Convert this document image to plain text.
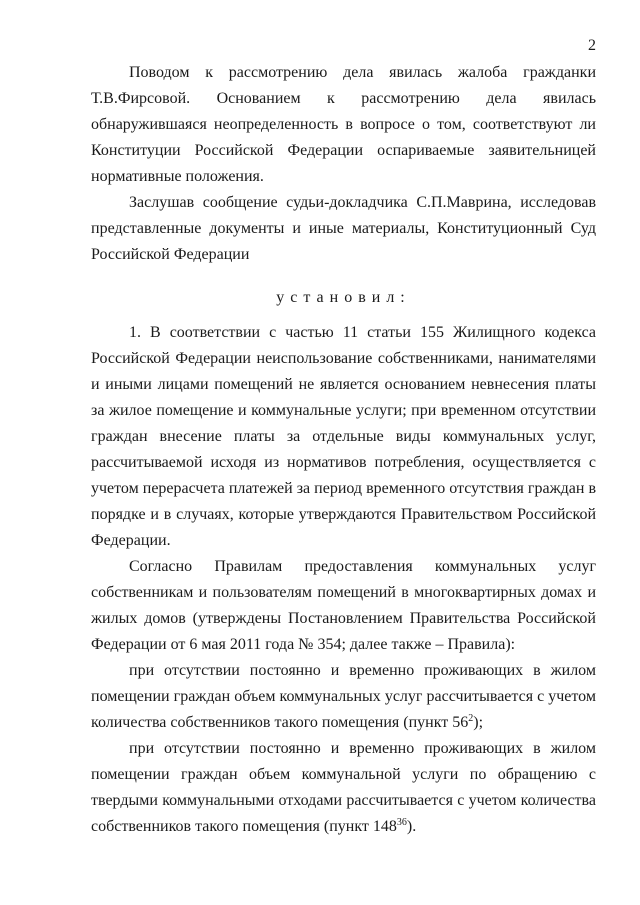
2

Поводом к рассмотрению дела явилась жалоба гражданки Т.В.Фирсовой. Основанием к рассмотрению дела явилась обнаружившаяся неопределенность в вопросе о том, соответствуют ли Конституции Российской Федерации оспариваемые заявительницей нормативные положения.

Заслушав сообщение судьи-докладчика С.П.Маврина, исследовав представленные документы и иные материалы, Конституционный Суд Российской Федерации

установил:

1. В соответствии с частью 11 статьи 155 Жилищного кодекса Российской Федерации неиспользование собственниками, нанимателями и иными лицами помещений не является основанием невнесения платы за жилое помещение и коммунальные услуги; при временном отсутствии граждан внесение платы за отдельные виды коммунальных услуг, рассчитываемой исходя из нормативов потребления, осуществляется с учетом перерасчета платежей за период временного отсутствия граждан в порядке и в случаях, которые утверждаются Правительством Российской Федерации.

Согласно Правилам предоставления коммунальных услуг собственникам и пользователям помещений в многоквартирных домах и жилых домов (утверждены Постановлением Правительства Российской Федерации от 6 мая 2011 года № 354; далее также – Правила):

при отсутствии постоянно и временно проживающих в жилом помещении граждан объем коммунальных услуг рассчитывается с учетом количества собственников такого помещения (пункт $56^2$);

при отсутствии постоянно и временно проживающих в жилом помещении граждан объем коммунальной услуги по обращению с твердыми коммунальными отходами рассчитывается с учетом количества собственников такого помещения (пункт $148^{36}$).
